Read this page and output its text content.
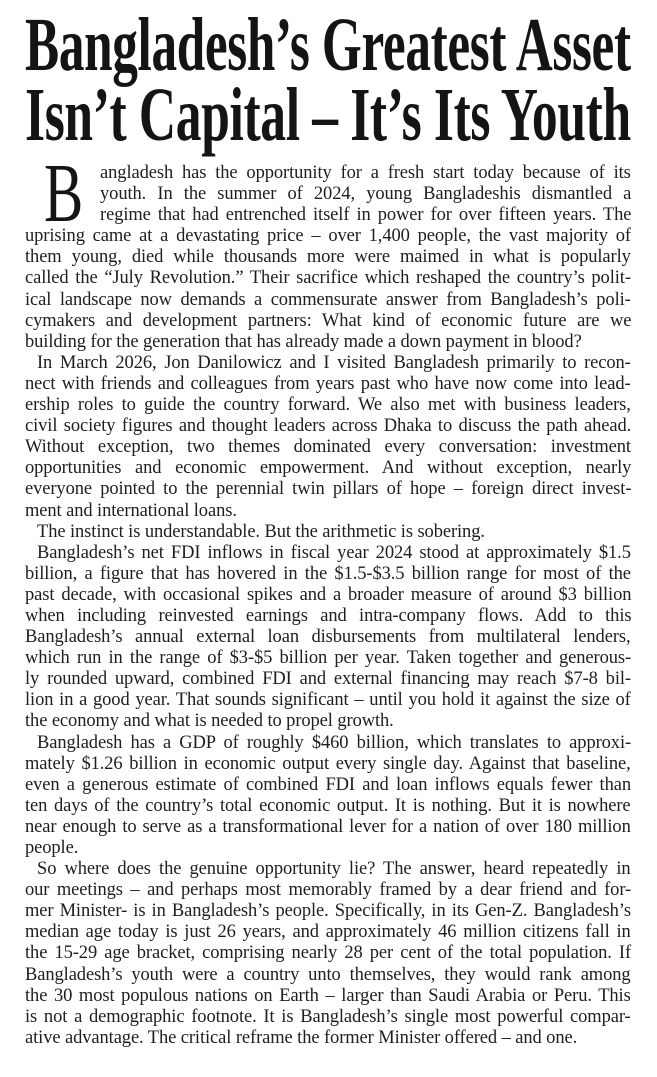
Bangladesh’s Greatest Asset
Isn’t Capital – It’s Its Youth
B angladesh has the opportunity for a fresh start today because of its
youth. In the summer of 2024, young Bangladeshis dismantled a
regime that had entrenched itself in power for over fifteen years. The
uprising came at a devastating price – over 1,400 people, the vast majority of
them young, died while thousands more were maimed in what is popularly
called the “July Revolution.” Their sacrifice which reshaped the country’s polit-
ical landscape now demands a commensurate answer from Bangladesh’s poli-
cymakers and development partners: What kind of economic future are we
building for the generation that has already made a down payment in blood?
In March 2026, Jon Danilowicz and I visited Bangladesh primarily to recon-
nect with friends and colleagues from years past who have now come into lead-
ership roles to guide the country forward. We also met with business leaders,
civil society figures and thought leaders across Dhaka to discuss the path ahead.
Without exception, two themes dominated every conversation: investment
opportunities and economic empowerment. And without exception, nearly
everyone pointed to the perennial twin pillars of hope – foreign direct invest-
ment and international loans.
The instinct is understandable. But the arithmetic is sobering.
Bangladesh’s net FDI inflows in fiscal year 2024 stood at approximately $1.5
billion, a figure that has hovered in the $1.5-$3.5 billion range for most of the
past decade, with occasional spikes and a broader measure of around $3 billion
when including reinvested earnings and intra-company flows. Add to this
Bangladesh’s annual external loan disbursements from multilateral lenders,
which run in the range of $3-$5 billion per year. Taken together and generous-
ly rounded upward, combined FDI and external financing may reach $7-8 bil-
lion in a good year. That sounds significant – until you hold it against the size of
the economy and what is needed to propel growth.
Bangladesh has a GDP of roughly $460 billion, which translates to approxi-
mately $1.26 billion in economic output every single day. Against that baseline,
even a generous estimate of combined FDI and loan inflows equals fewer than
ten days of the country’s total economic output. It is nothing. But it is nowhere
near enough to serve as a transformational lever for a nation of over 180 million
people.
So where does the genuine opportunity lie? The answer, heard repeatedly in
our meetings – and perhaps most memorably framed by a dear friend and for-
mer Minister- is in Bangladesh’s people. Specifically, in its Gen-Z. Bangladesh’s
median age today is just 26 years, and approximately 46 million citizens fall in
the 15-29 age bracket, comprising nearly 28 per cent of the total population. If
Bangladesh’s youth were a country unto themselves, they would rank among
the 30 most populous nations on Earth – larger than Saudi Arabia or Peru. This
is not a demographic footnote. It is Bangladesh’s single most powerful compar-
ative advantage. The critical reframe the former Minister offered – and one.
